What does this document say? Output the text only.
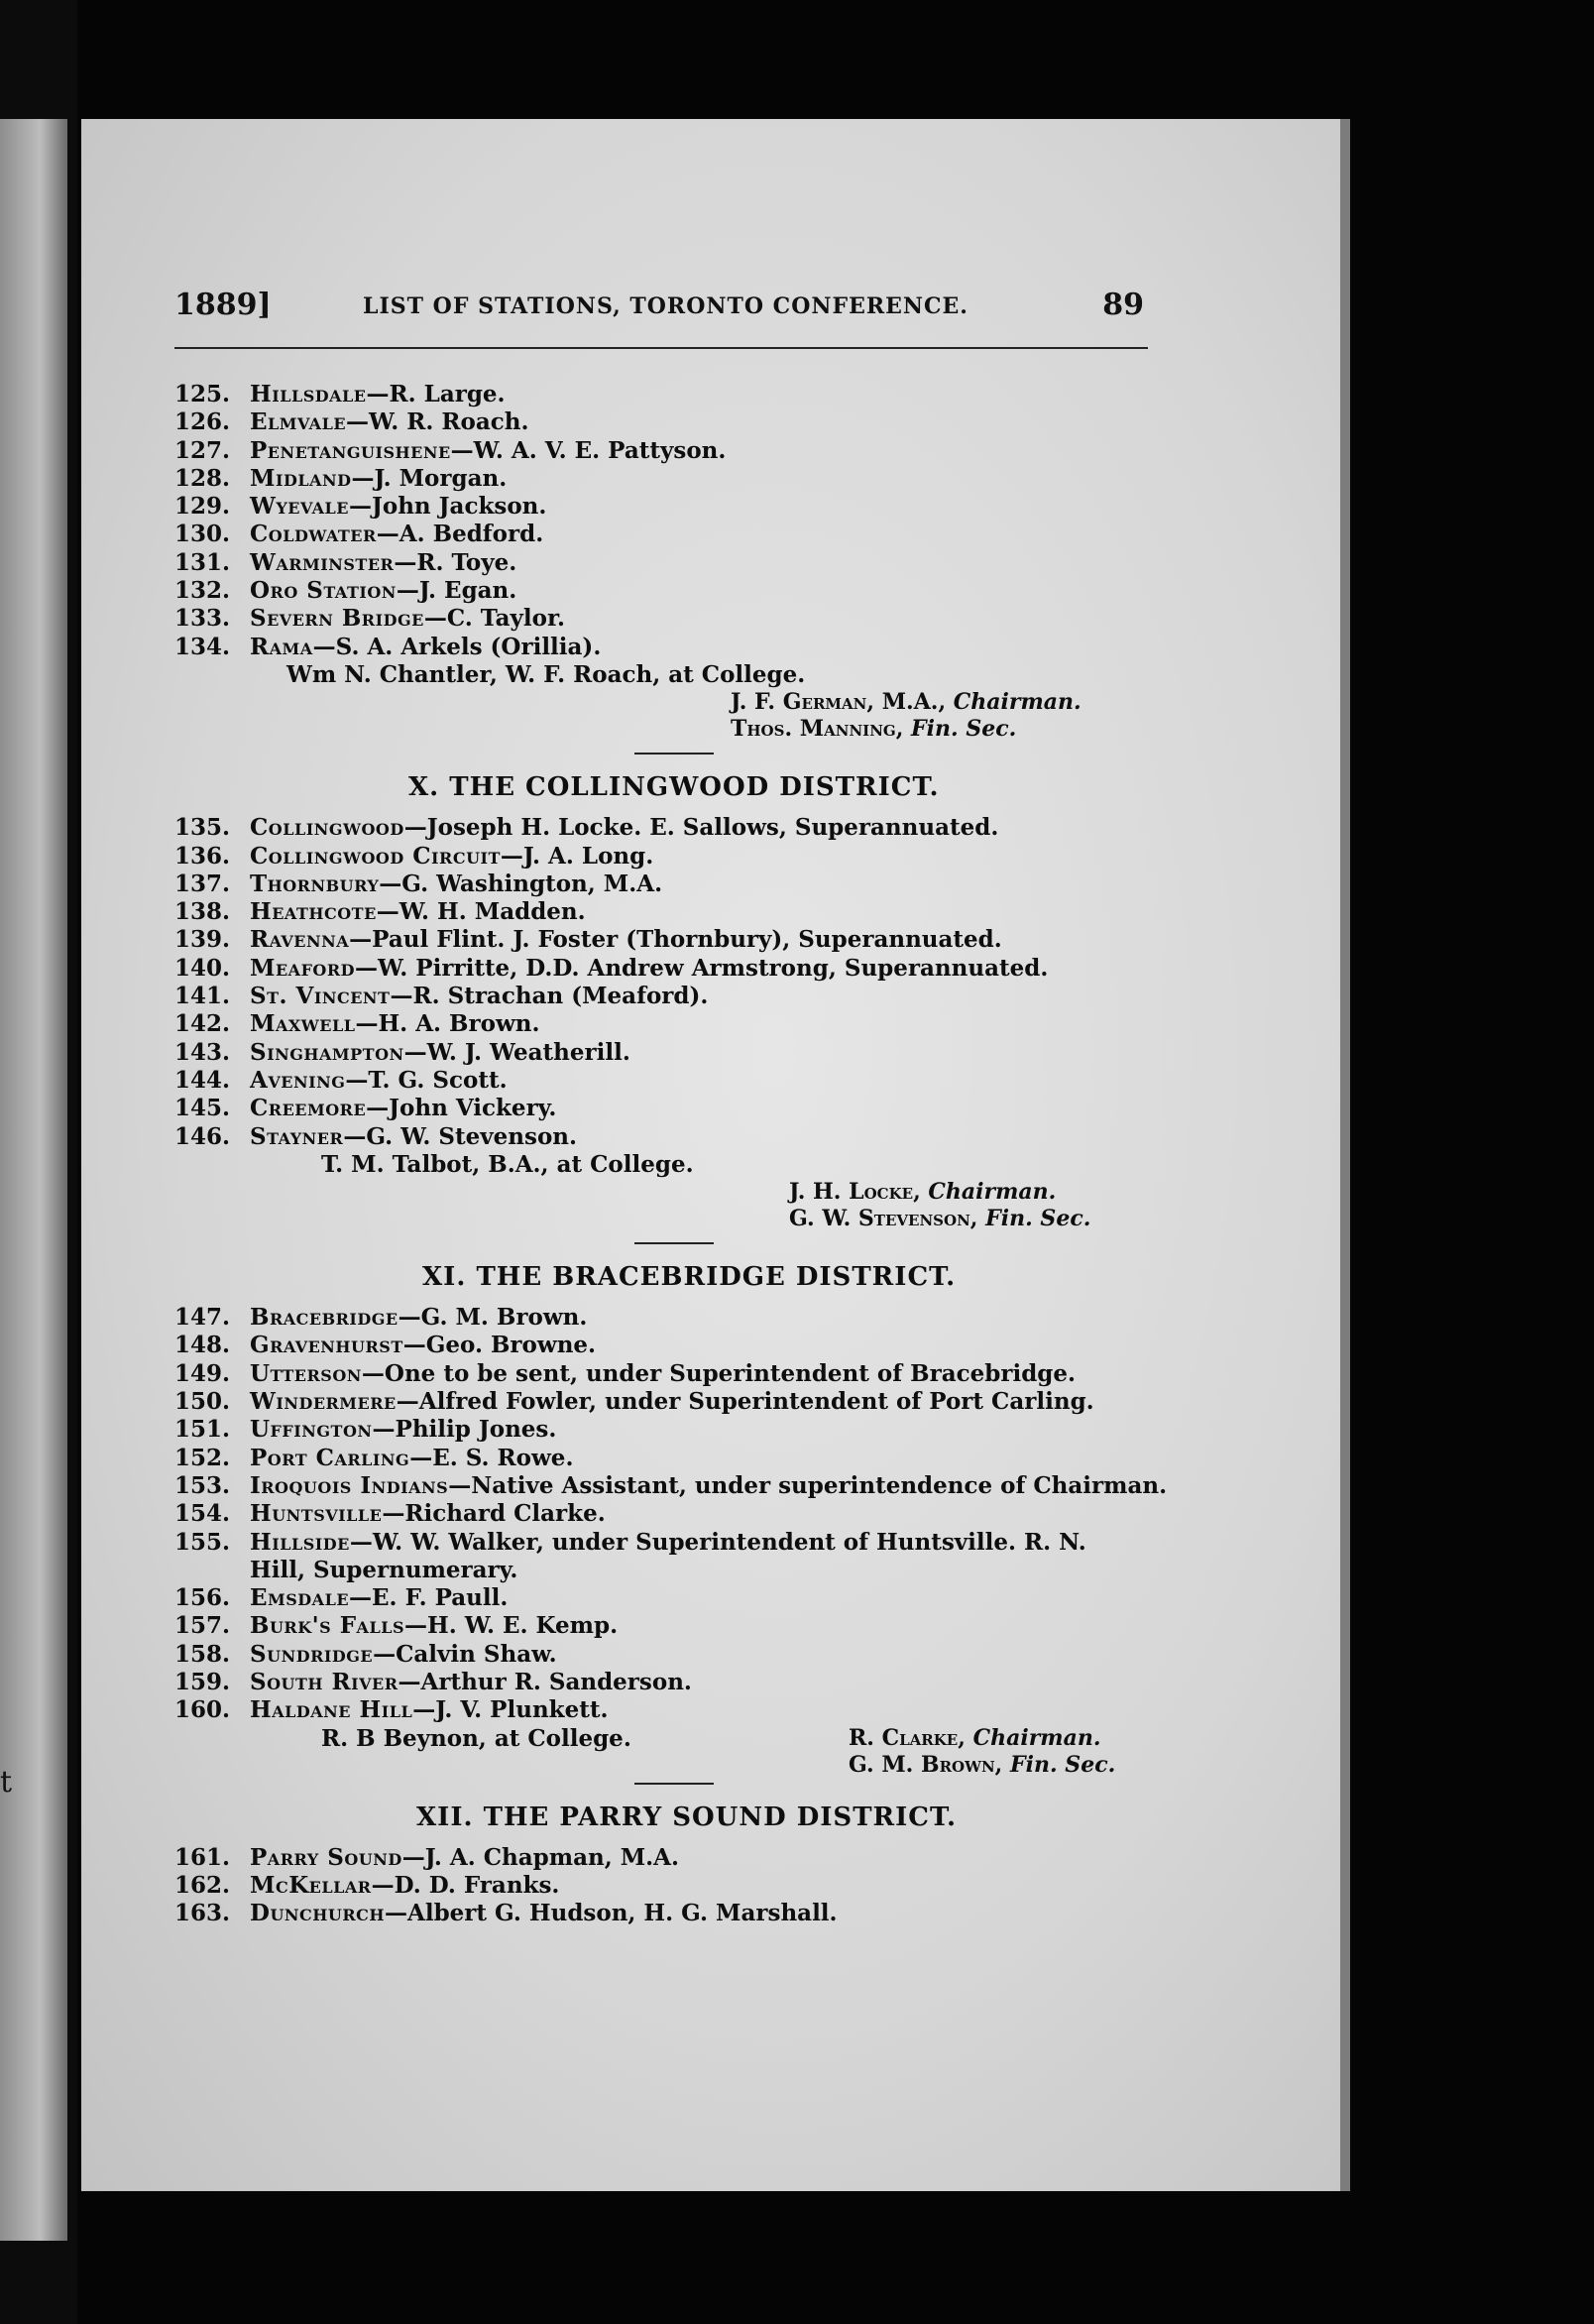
t
1889]	LIST OF STATIONS, TORONTO CONFERENCE.	89
125. Hillsdale—R. Large.
126. Elmvale—W. R. Roach.
127. Penetanguishene—W. A. V. E. Pattyson.
128. Midland—J. Morgan.
129. Wyevale—John Jackson.
130. Coldwater—A. Bedford.
131. Warminster—R. Toye.
132. Oro Station—J. Egan.
133. Severn Bridge—C. Taylor.
134. Rama—S. A. Arkels (Orillia).
Wm N. Chantler, W. F. Roach, at College.
J. F. German, M.A., Chairman.
Thos. Manning, Fin. Sec.
X. THE COLLINGWOOD DISTRICT.
135. Collingwood—Joseph H. Locke. E. Sallows, Superannuated.
136. Collingwood Circuit—J. A. Long.
137. Thornbury—G. Washington, M.A.
138. Heathcote—W. H. Madden.
139. Ravenna—Paul Flint. J. Foster (Thornbury), Superannuated.
140. Meaford—W. Pirritte, D.D. Andrew Armstrong, Superannuated.
141. St. Vincent—R. Strachan (Meaford).
142. Maxwell—H. A. Brown.
143. Singhampton—W. J. Weatherill.
144. Avening—T. G. Scott.
145. Creemore—John Vickery.
146. Stayner—G. W. Stevenson.
T. M. Talbot, B.A., at College.
J. H. Locke, Chairman.
G. W. Stevenson, Fin. Sec.
XI. THE BRACEBRIDGE DISTRICT.
147. Bracebridge—G. M. Brown.
148. Gravenhurst—Geo. Browne.
149. Utterson—One to be sent, under Superintendent of Bracebridge.
150. Windermere—Alfred Fowler, under Superintendent of Port Carling.
151. Uffington—Philip Jones.
152. Port Carling—E. S. Rowe.
153. Iroquois Indians—Native Assistant, under superintendence of Chairman.
154. Huntsville—Richard Clarke.
155. Hillside—W. W. Walker, under Superintendent of Huntsville. R. N.
Hill, Supernumerary.
156. Emsdale—E. F. Paull.
157. Burk's Falls—H. W. E. Kemp.
158. Sundridge—Calvin Shaw.
159. South River—Arthur R. Sanderson.
160. Haldane Hill—J. V. Plunkett.
R. B Beynon, at College.	R. Clarke, Chairman.
G. M. Brown, Fin. Sec.
XII. THE PARRY SOUND DISTRICT.
161. Parry Sound—J. A. Chapman, M.A.
162. McKellar—D. D. Franks.
163. Dunchurch—Albert G. Hudson, H. G. Marshall.
